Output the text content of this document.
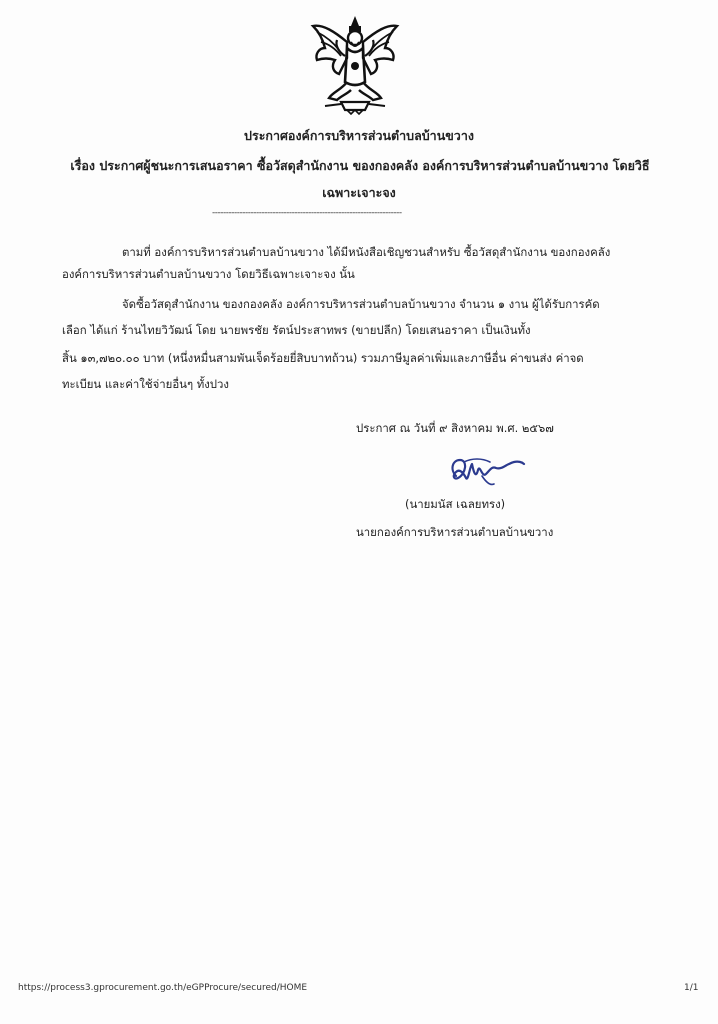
ประกาศองค์การบริหารส่วนตำบลบ้านขวาง
เรื่อง ประกาศผู้ชนะการเสนอราคา ซื้อวัสดุสำนักงาน ของกองคลัง องค์การบริหารส่วนตำบลบ้านขวาง โดยวิธี
เฉพาะเจาะจง
---------------------------------------------------------------------
ตามที่ องค์การบริหารส่วนตำบลบ้านขวาง ได้มีหนังสือเชิญชวนสำหรับ ซื้อวัสดุสำนักงาน ของกองคลัง
องค์การบริหารส่วนตำบลบ้านขวาง โดยวิธีเฉพาะเจาะจง นั้น
จัดซื้อวัสดุสำนักงาน ของกองคลัง องค์การบริหารส่วนตำบลบ้านขวาง จำนวน ๑ งาน ผู้ได้รับการคัด
เลือก ได้แก่ ร้านไทยวิวัฒน์ โดย นายพรชัย รัตน์ประสาทพร (ขายปลีก) โดยเสนอราคา เป็นเงินทั้ง
สิ้น ๑๓,๗๒๐.๐๐ บาท (หนึ่งหมื่นสามพันเจ็ดร้อยยี่สิบบาทถ้วน) รวมภาษีมูลค่าเพิ่มและภาษีอื่น ค่าขนส่ง ค่าจด
ทะเบียน และค่าใช้จ่ายอื่นๆ ทั้งปวง
ประกาศ ณ วันที่ ๙ สิงหาคม พ.ศ. ๒๕๖๗
(นายมนัส เฉลยทรง)
นายกองค์การบริหารส่วนตำบลบ้านขวาง
https://process3.gprocurement.go.th/eGPProcure/secured/HOME	1/1
